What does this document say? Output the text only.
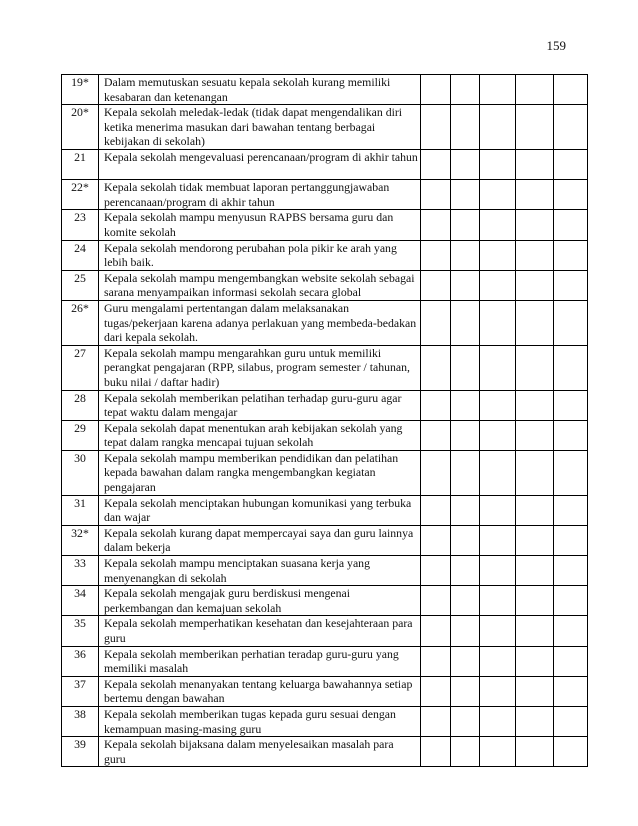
159
19*	Dalam memutuskan sesuatu kepala sekolah kurang memiliki kesabaran dan ketenangan					
20*	Kepala sekolah meledak-ledak (tidak dapat mengendalikan diri ketika menerima masukan dari bawahan tentang berbagai kebijakan di sekolah)					
21	Kepala sekolah mengevaluasi perencanaan/program di akhir tahun					
22*	Kepala sekolah tidak membuat laporan pertanggungjawaban perencanaan/program di akhir tahun					
23	Kepala sekolah mampu menyusun RAPBS bersama guru dan komite sekolah					
24	Kepala sekolah mendorong perubahan pola pikir ke arah yang lebih baik.					
25	Kepala sekolah mampu mengembangkan website sekolah sebagai sarana menyampaikan informasi sekolah secara global					
26*	Guru mengalami pertentangan dalam melaksanakan tugas/pekerjaan karena adanya perlakuan yang membeda-bedakan dari kepala sekolah.					
27	Kepala sekolah mampu mengarahkan guru untuk memiliki perangkat pengajaran (RPP, silabus, program semester / tahunan, buku nilai / daftar hadir)					
28	Kepala sekolah memberikan pelatihan terhadap guru-guru agar tepat waktu dalam mengajar					
29	Kepala sekolah dapat menentukan arah kebijakan sekolah yang tepat dalam rangka mencapai tujuan sekolah					
30	Kepala sekolah mampu memberikan pendidikan dan pelatihan kepada bawahan dalam rangka mengembangkan kegiatan pengajaran					
31	Kepala sekolah menciptakan hubungan komunikasi yang terbuka dan wajar					
32*	Kepala sekolah kurang dapat mempercayai saya dan guru lainnya dalam bekerja					
33	Kepala sekolah mampu menciptakan suasana kerja yang menyenangkan di sekolah					
34	Kepala sekolah mengajak guru berdiskusi mengenai perkembangan dan kemajuan sekolah					
35	Kepala sekolah memperhatikan kesehatan dan kesejahteraan para guru					
36	Kepala sekolah memberikan perhatian teradap guru-guru yang memiliki masalah					
37	Kepala sekolah menanyakan tentang keluarga bawahannya setiap bertemu dengan bawahan					
38	Kepala sekolah memberikan tugas kepada guru sesuai dengan kemampuan masing-masing guru					
39	Kepala sekolah bijaksana dalam menyelesaikan masalah para guru					
